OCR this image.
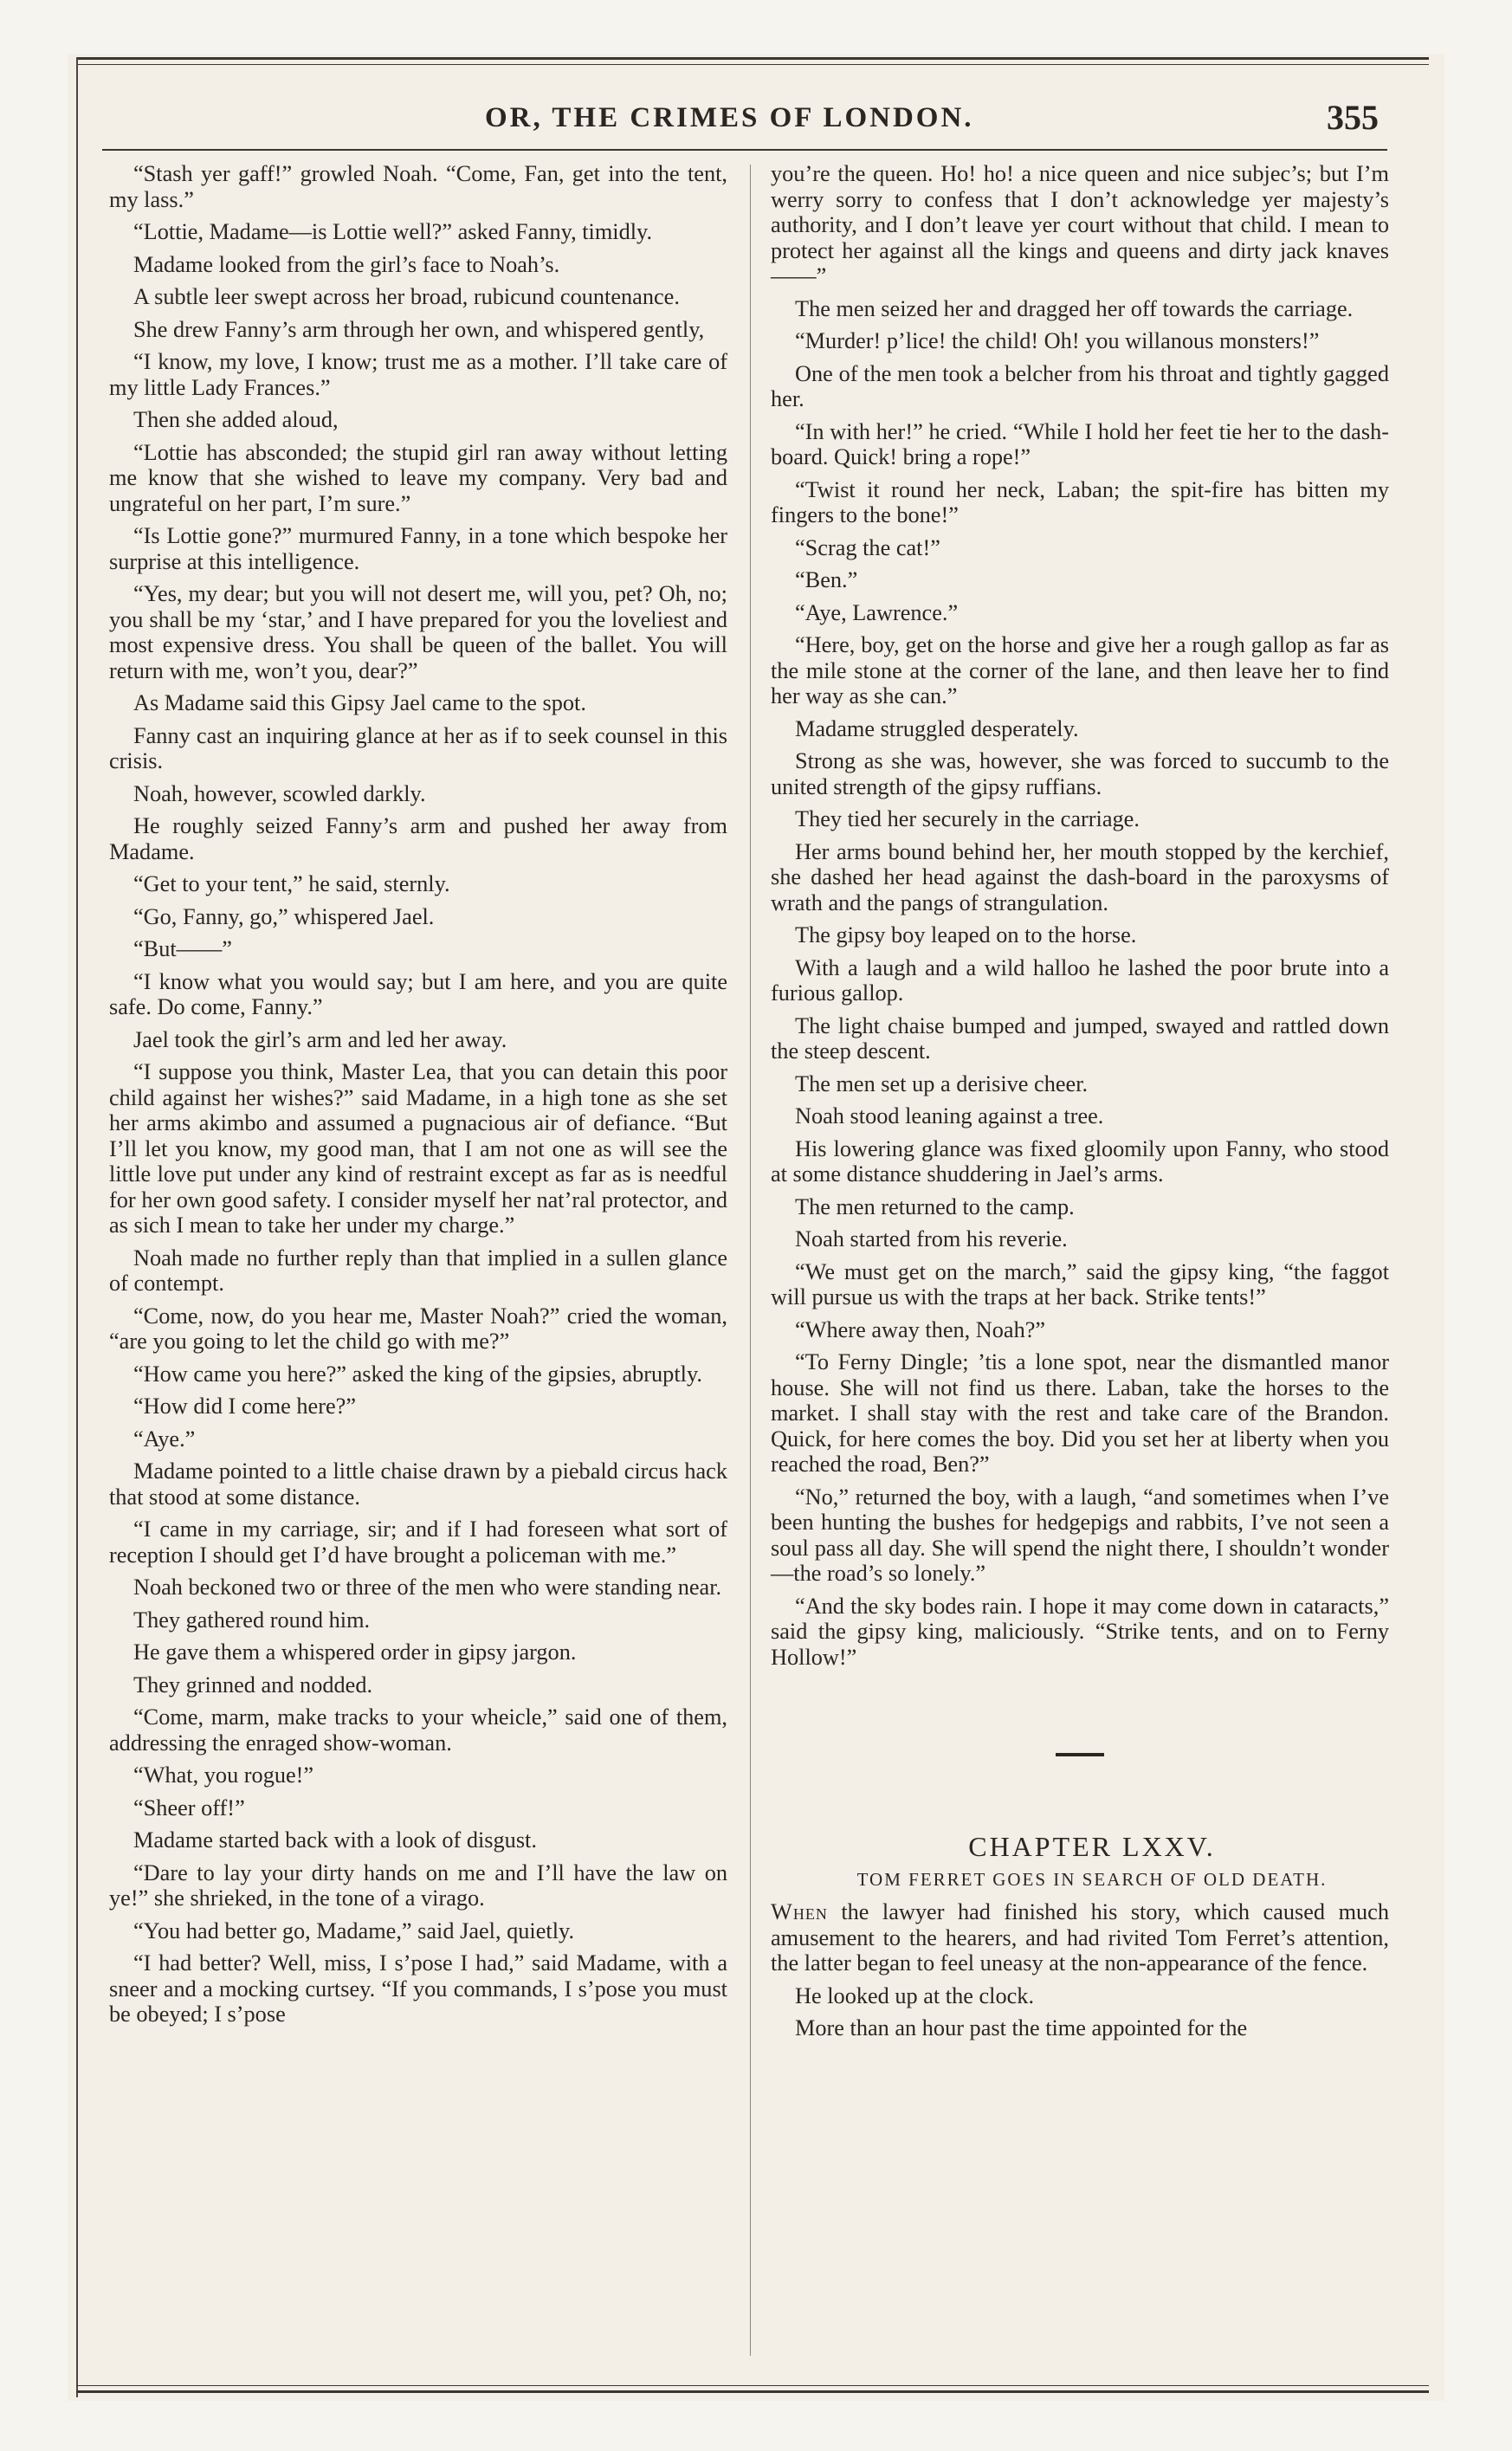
OR, THE CRIMES OF LONDON.	355

“Stash yer gaff!” growled Noah. “Come, Fan, get into the tent, my lass.”

“Lottie, Madame—is Lottie well?” asked Fanny, timidly.

Madame looked from the girl’s face to Noah’s.

A subtle leer swept across her broad, rubicund countenance.

She drew Fanny’s arm through her own, and whispered gently,

“I know, my love, I know; trust me as a mother. I’ll take care of my little Lady Frances.”

Then she added aloud,

“Lottie has absconded; the stupid girl ran away without letting me know that she wished to leave my company. Very bad and ungrateful on her part, I’m sure.”

“Is Lottie gone?” murmured Fanny, in a tone which bespoke her surprise at this intelligence.

“Yes, my dear; but you will not desert me, will you, pet? Oh, no; you shall be my ‘star,’ and I have prepared for you the loveliest and most expensive dress. You shall be queen of the ballet. You will return with me, won’t you, dear?”

As Madame said this Gipsy Jael came to the spot.

Fanny cast an inquiring glance at her as if to seek counsel in this crisis.

Noah, however, scowled darkly.

He roughly seized Fanny’s arm and pushed her away from Madame.

“Get to your tent,” he said, sternly.

“Go, Fanny, go,” whispered Jael.

“But——”

“I know what you would say; but I am here, and you are quite safe. Do come, Fanny.”

Jael took the girl’s arm and led her away.

“I suppose you think, Master Lea, that you can detain this poor child against her wishes?” said Madame, in a high tone as she set her arms akimbo and assumed a pugnacious air of defiance. “But I’ll let you know, my good man, that I am not one as will see the little love put under any kind of restraint except as far as is needful for her own good safety. I consider myself her nat’ral protector, and as sich I mean to take her under my charge.”

Noah made no further reply than that implied in a sullen glance of contempt.

“Come, now, do you hear me, Master Noah?” cried the woman, “are you going to let the child go with me?”

“How came you here?” asked the king of the gipsies, abruptly.

“How did I come here?”

“Aye.”

Madame pointed to a little chaise drawn by a piebald circus hack that stood at some distance.

“I came in my carriage, sir; and if I had foreseen what sort of reception I should get I’d have brought a policeman with me.”

Noah beckoned two or three of the men who were standing near.

They gathered round him.

He gave them a whispered order in gipsy jargon.

They grinned and nodded.

“Come, marm, make tracks to your wheicle,” said one of them, addressing the enraged show-woman.

“What, you rogue!”

“Sheer off!”

Madame started back with a look of disgust.

“Dare to lay your dirty hands on me and I’ll have the law on ye!” she shrieked, in the tone of a virago.

“You had better go, Madame,” said Jael, quietly.

“I had better? Well, miss, I s’pose I had,” said Madame, with a sneer and a mocking curtsey. “If you commands, I s’pose you must be obeyed; I s’pose

you’re the queen. Ho! ho! a nice queen and nice subjec’s; but I’m werry sorry to confess that I don’t acknowledge yer majesty’s authority, and I don’t leave yer court without that child. I mean to protect her against all the kings and queens and dirty jack knaves——”

The men seized her and dragged her off towards the carriage.

“Murder! p’lice! the child! Oh! you willanous monsters!”

One of the men took a belcher from his throat and tightly gagged her.

“In with her!” he cried. “While I hold her feet tie her to the dash-board. Quick! bring a rope!”

“Twist it round her neck, Laban; the spit-fire has bitten my fingers to the bone!”

“Scrag the cat!”

“Ben.”

“Aye, Lawrence.”

“Here, boy, get on the horse and give her a rough gallop as far as the mile stone at the corner of the lane, and then leave her to find her way as she can.”

Madame struggled desperately.

Strong as she was, however, she was forced to succumb to the united strength of the gipsy ruffians.

They tied her securely in the carriage.

Her arms bound behind her, her mouth stopped by the kerchief, she dashed her head against the dash-board in the paroxysms of wrath and the pangs of strangulation.

The gipsy boy leaped on to the horse.

With a laugh and a wild halloo he lashed the poor brute into a furious gallop.

The light chaise bumped and jumped, swayed and rattled down the steep descent.

The men set up a derisive cheer.

Noah stood leaning against a tree.

His lowering glance was fixed gloomily upon Fanny, who stood at some distance shuddering in Jael’s arms.

The men returned to the camp.

Noah started from his reverie.

“We must get on the march,” said the gipsy king, “the faggot will pursue us with the traps at her back. Strike tents!”

“Where away then, Noah?”

“To Ferny Dingle; ’tis a lone spot, near the dismantled manor house. She will not find us there. Laban, take the horses to the market. I shall stay with the rest and take care of the Brandon. Quick, for here comes the boy. Did you set her at liberty when you reached the road, Ben?”

“No,” returned the boy, with a laugh, “and sometimes when I’ve been hunting the bushes for hedgepigs and rabbits, I’ve not seen a soul pass all day. She will spend the night there, I shouldn’t wonder—the road’s so lonely.”

“And the sky bodes rain. I hope it may come down in cataracts,” said the gipsy king, maliciously. “Strike tents, and on to Ferny Hollow!”

CHAPTER LXXV.

TOM FERRET GOES IN SEARCH OF OLD DEATH.

When the lawyer had finished his story, which caused much amusement to the hearers, and had rivited Tom Ferret’s attention, the latter began to feel uneasy at the non-appearance of the fence.

He looked up at the clock.

More than an hour past the time appointed for the
